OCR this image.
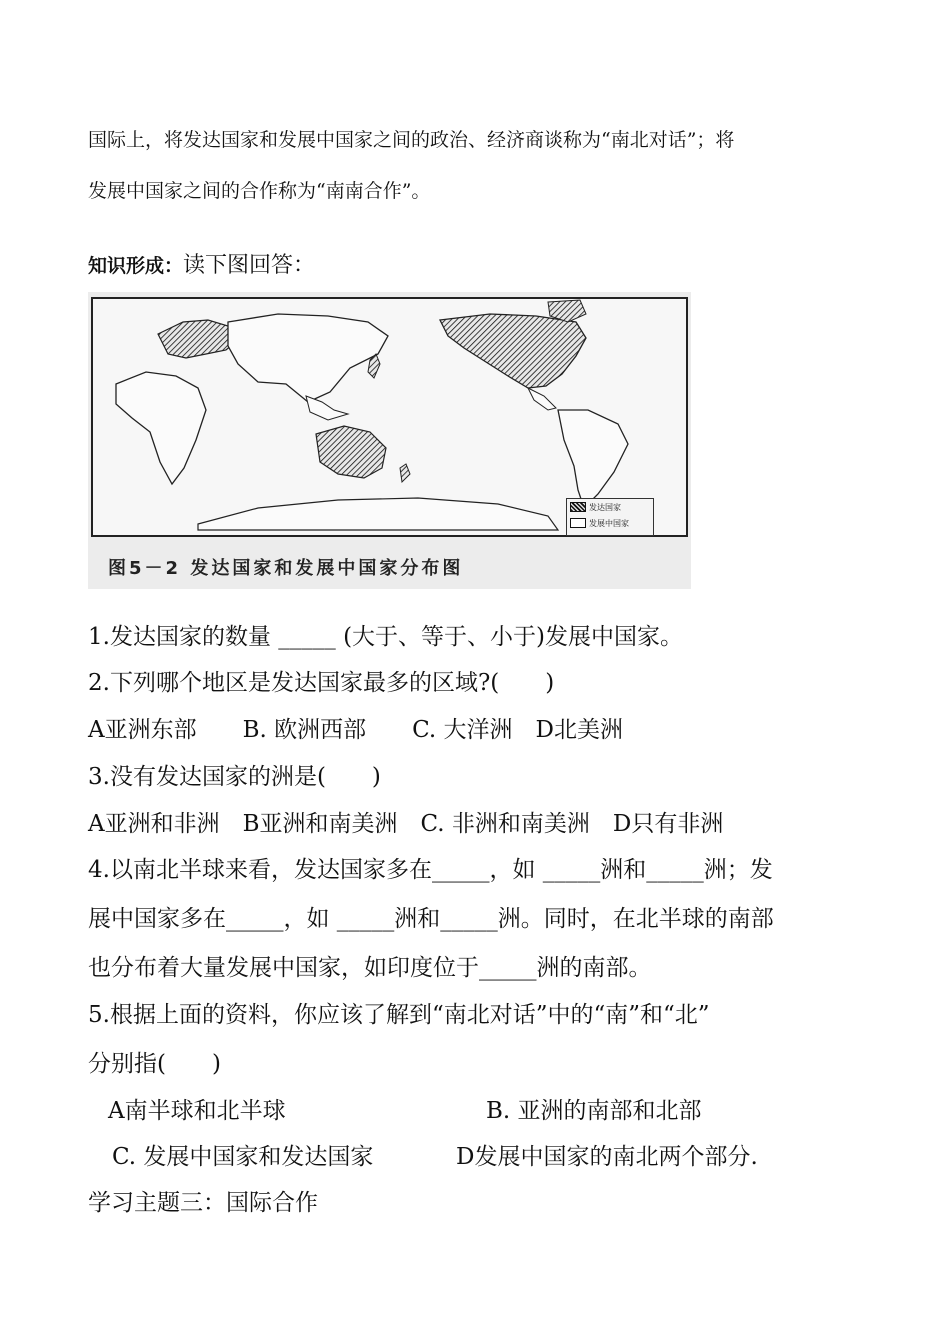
国际上，将发达国家和发展中国家之间的政治、经济商谈称为“南北对话”；将
发展中国家之间的合作称为“南南合作”。
知识形成：读下图回答：
发达国家
发展中国家
图5－2 发达国家和发展中国家分布图
1.发达国家的数量 _____ (大于、等于、小于)发展中国家。
2.下列哪个地区是发达国家最多的区域?(　　)
A亚洲东部　　B. 欧洲西部　　C. 大洋洲　D北美洲
3.没有发达国家的洲是(　　)
A亚洲和非洲　B亚洲和南美洲　C. 非洲和南美洲　D只有非洲
4.以南北半球来看，发达国家多在_____，如 _____洲和_____洲；发
展中国家多在_____，如 _____洲和_____洲。同时，在北半球的南部
也分布着大量发展中国家，如印度位于_____洲的南部。
5.根据上面的资料，你应该了解到“南北对话”中的“南”和“北”
分别指(　　)
A南半球和北半球	B. 亚洲的南部和北部
C. 发展中国家和发达国家	D发展中国家的南北两个部分.
学习主题三：国际合作
